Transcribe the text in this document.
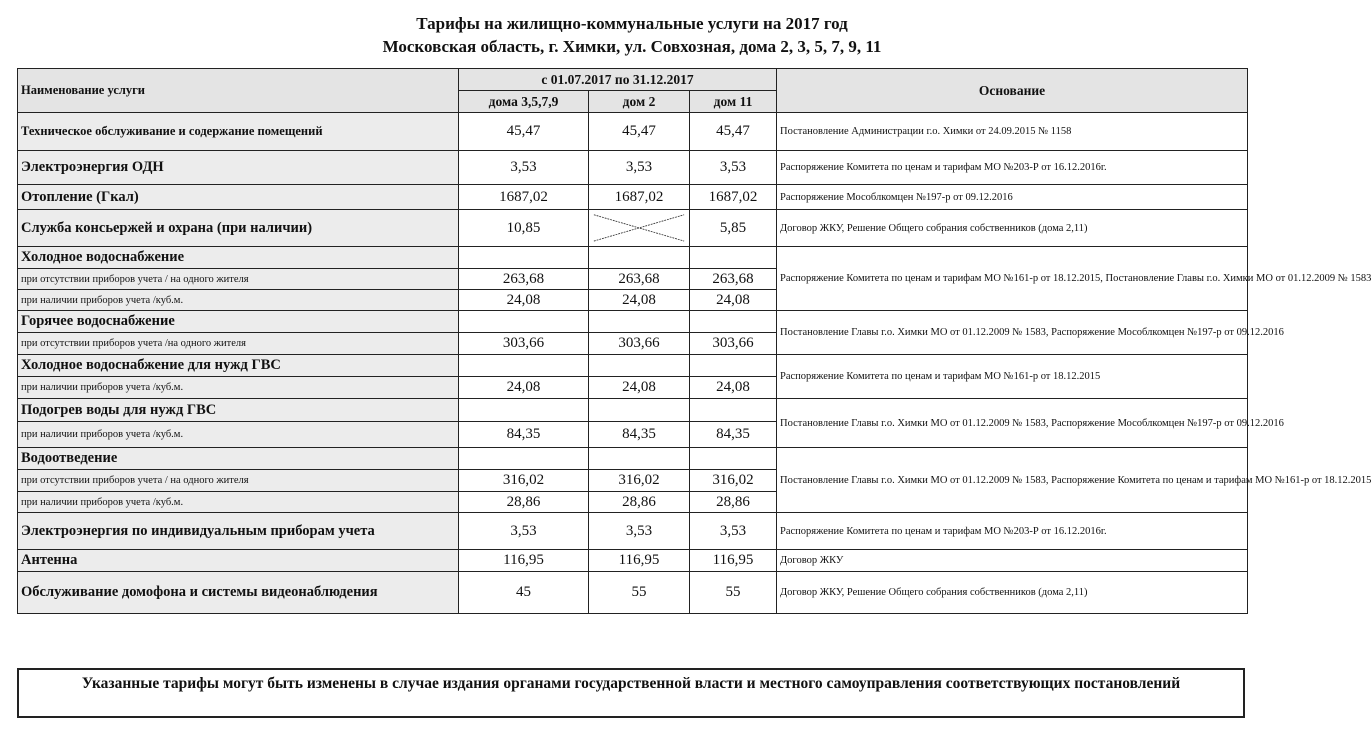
Тарифы на жилищно-коммунальные услуги на 2017 год
Московская область, г. Химки, ул. Совхозная, дома 2, 3, 5, 7, 9, 11
Наименование услуги	с 01.07.2017 по 31.12.2017			Основание
	дома 3,5,7,9	дом 2	дом 11	
Техническое обслуживание и содержание помещений	45,47	45,47	45,47	Постановление Администрации г.о. Химки от 24.09.2015 № 1158
Электроэнергия ОДН	3,53	3,53	3,53	Распоряжение Комитета по ценам и тарифам МО №203-Р от 16.12.2016г.
Отопление (Гкал)	1687,02	1687,02	1687,02	Распоряжение Мособлкомцен №197-р от 09.12.2016
Служба консьержей и охрана (при наличии)	10,85		5,85	Договор ЖКУ, Решение Общего собрания собственников (дома 2,11)
Холодное водоснабжение				Распоряжение Комитета по ценам и тарифам МО №161-р от 18.12.2015, Постановление Главы г.о. Химки МО от 01.12.2009 № 1583
при отсутствии приборов учета / на одного жителя	263,68	263,68	263,68	
при наличии приборов учета /куб.м.	24,08	24,08	24,08	
Горячее водоснабжение				Постановление Главы г.о. Химки МО от 01.12.2009 № 1583, Распоряжение Мособлкомцен №197-р от 09.12.2016
при отсутствии приборов учета /на одного жителя	303,66	303,66	303,66	
Холодное водоснабжение для нужд ГВС				Распоряжение Комитета по ценам и тарифам МО №161-р от 18.12.2015
при наличии приборов учета /куб.м.	24,08	24,08	24,08	
Подогрев воды для нужд ГВС				Постановление Главы г.о. Химки МО от 01.12.2009 № 1583, Распоряжение Мособлкомцен №197-р от 09.12.2016
при наличии приборов учета /куб.м.	84,35	84,35	84,35	
Водоотведение				Постановление Главы г.о. Химки МО от 01.12.2009 № 1583, Распоряжение Комитета по ценам и тарифам МО №161-р от 18.12.2015
при отсутствии приборов учета / на одного жителя	316,02	316,02	316,02	
при наличии приборов учета /куб.м.	28,86	28,86	28,86	
Электроэнергия по индивидуальным приборам учета	3,53	3,53	3,53	Распоряжение Комитета по ценам и тарифам МО №203-Р от 16.12.2016г.
Антенна	116,95	116,95	116,95	Договор ЖКУ
Обслуживание домофона и системы видеонаблюдения	45	55	55	Договор ЖКУ, Решение Общего собрания собственников (дома 2,11)
Указанные тарифы могут быть изменены в случае издания органами государственной власти и местного самоуправления соответствующих постановлений
